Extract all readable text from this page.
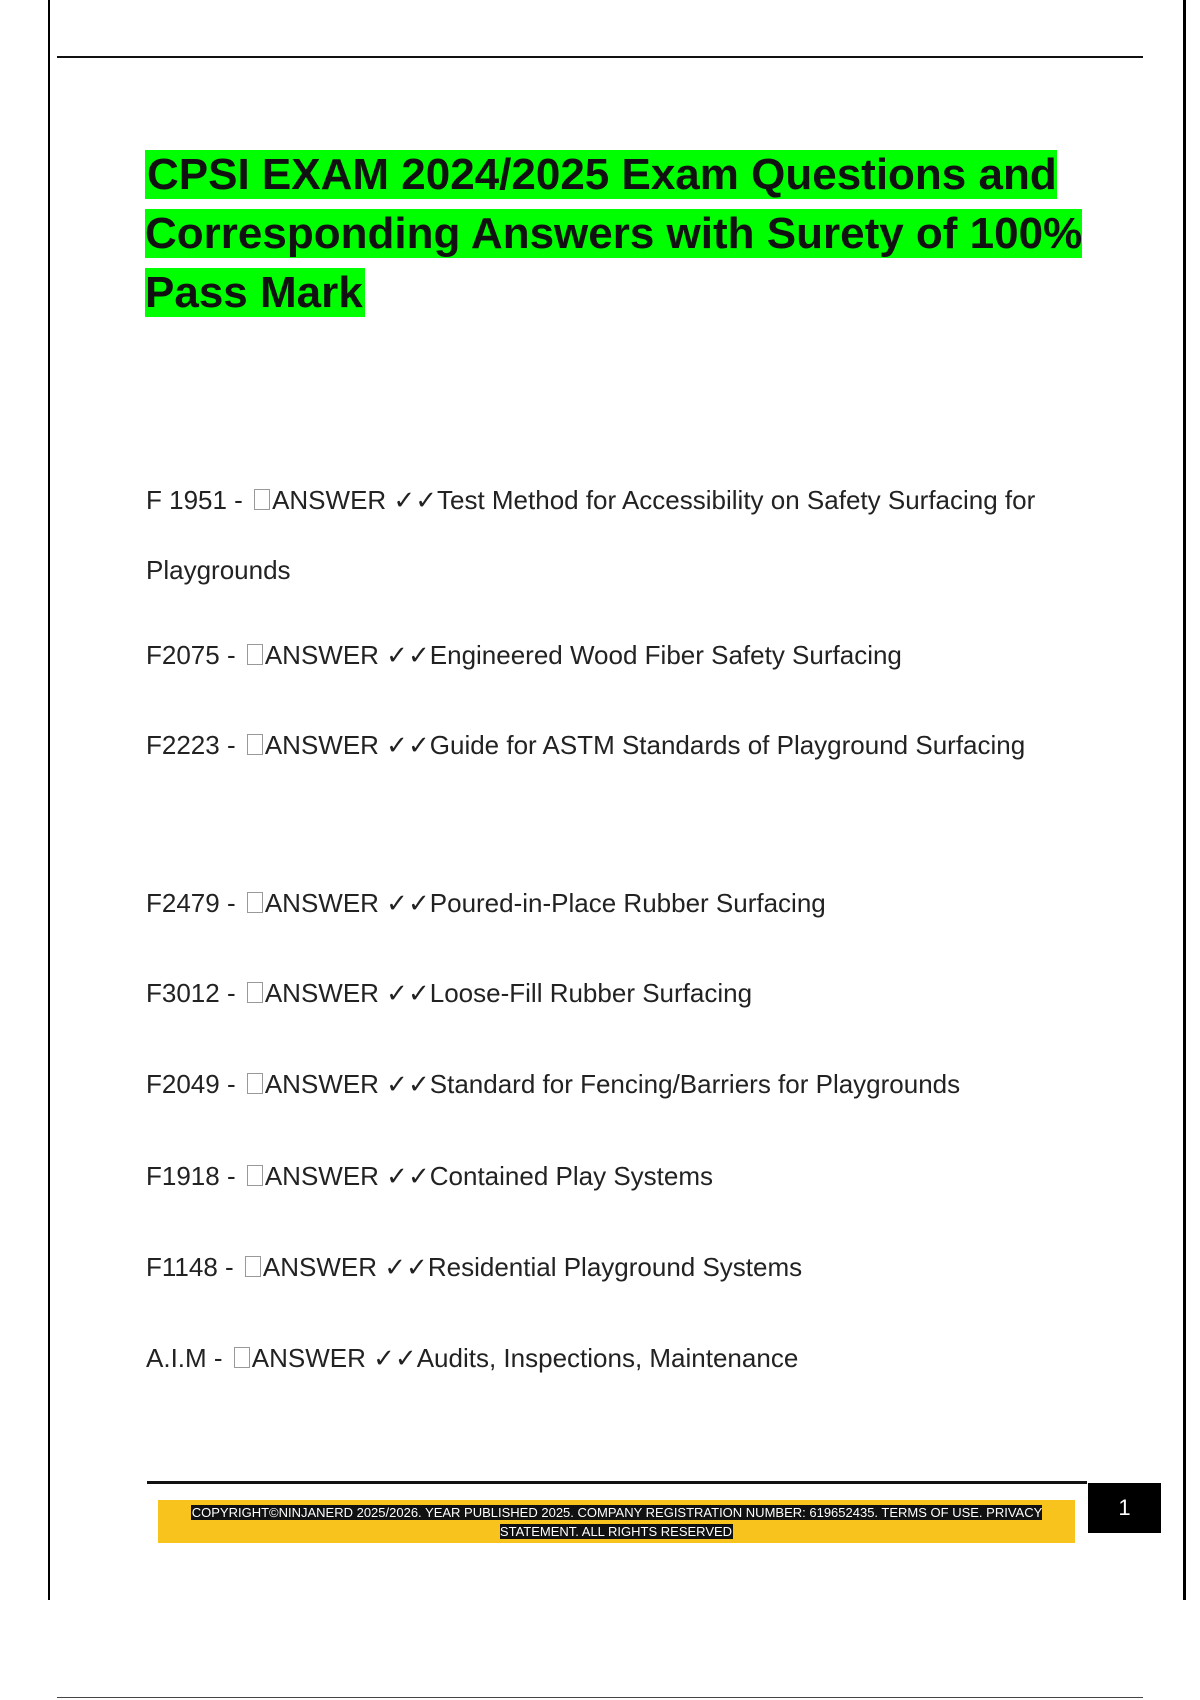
CPSI EXAM 2024/2025 Exam Questions and Corresponding Answers with Surety of 100% Pass Mark

F 1951 - ANSWER ✓✓Test Method for Accessibility on Safety Surfacing for Playgrounds

F2075 - ANSWER ✓✓Engineered Wood Fiber Safety Surfacing

F2223 - ANSWER ✓✓Guide for ASTM Standards of Playground Surfacing

F2479 - ANSWER ✓✓Poured-in-Place Rubber Surfacing

F3012 - ANSWER ✓✓Loose-Fill Rubber Surfacing

F2049 - ANSWER ✓✓Standard for Fencing/Barriers for Playgrounds

F1918 - ANSWER ✓✓Contained Play Systems

F1148 - ANSWER ✓✓Residential Playground Systems

A.I.M - ANSWER ✓✓Audits, Inspections, Maintenance

COPYRIGHT©NINJANERD 2025/2026. YEAR PUBLISHED 2025. COMPANY REGISTRATION NUMBER: 619652435. TERMS OF USE. PRIVACY STATEMENT. ALL RIGHTS RESERVED

1
